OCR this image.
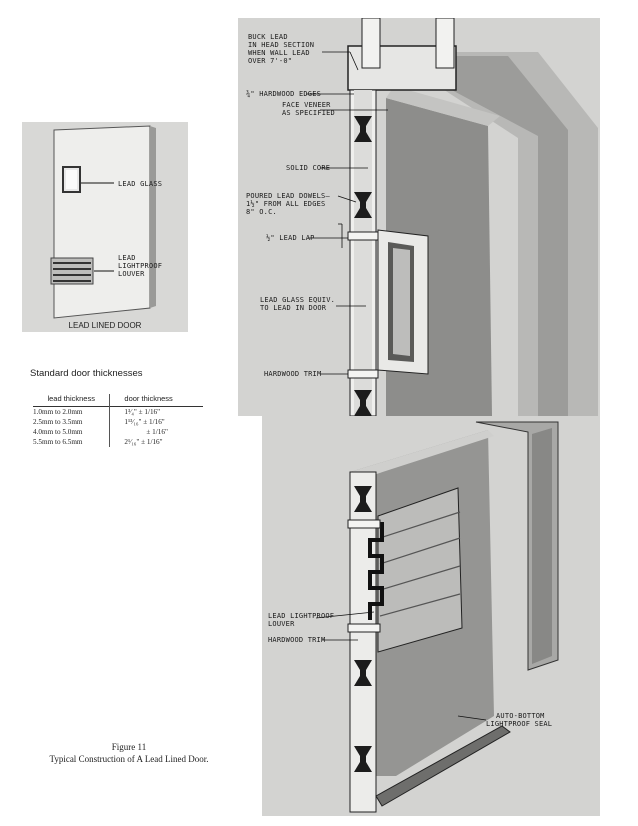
LEAD GLASS
LEAD
LIGHTPROOF
LOUVER
LEAD LINED DOOR
Standard door thicknesses
lead thickness	door thickness
1.0mm to 2.0mm	1³⁄₄" ± 1/16"
2.5mm to 3.5mm	1¹³⁄₁₆" ± 1/16"
4.0mm to 5.0mm	± 1/16"
5.5mm to 6.5mm	2¹⁄₁₆" ± 1/16"
BUCK LEAD
IN HEAD SECTION
WHEN WALL LEAD
OVER 7'-0"
¾" HARDWOOD EDGES
FACE VENEER
AS SPECIFIED
SOLID CORE
POURED LEAD DOWELS—
1½" FROM ALL EDGES
8" O.C.
½" LEAD LAP
LEAD GLASS EQUIV.
TO LEAD IN DOOR
HARDWOOD TRIM
LEAD LIGHTPROOF
LOUVER
HARDWOOD TRIM
AUTO-BOTTOM
LIGHTPROOF SEAL
Figure 11
Typical Construction of A Lead Lined Door.
